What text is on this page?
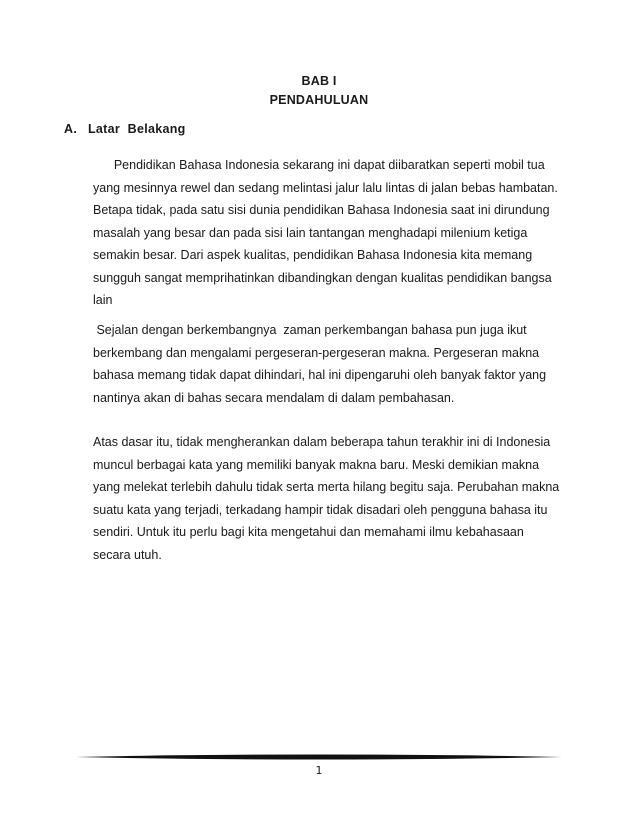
BAB I
PENDAHULUAN
A. Latar  Belakang
Pendidikan Bahasa Indonesia sekarang ini dapat diibaratkan seperti mobil tua
yang mesinnya rewel dan sedang melintasi jalur lalu lintas di jalan bebas hambatan.
Betapa tidak, pada satu sisi dunia pendidikan Bahasa Indonesia saat ini dirundung
masalah yang besar dan pada sisi lain tantangan menghadapi milenium ketiga
semakin besar. Dari aspek kualitas, pendidikan Bahasa Indonesia kita memang
sungguh sangat memprihatinkan dibandingkan dengan kualitas pendidikan bangsa
lain
Sejalan dengan berkembangnya  zaman perkembangan bahasa pun juga ikut
berkembang dan mengalami pergeseran-pergeseran makna. Pergeseran makna
bahasa memang tidak dapat dihindari, hal ini dipengaruhi oleh banyak faktor yang
nantinya akan di bahas secara mendalam di dalam pembahasan.
Atas dasar itu, tidak mengherankan dalam beberapa tahun terakhir ini di Indonesia
muncul berbagai kata yang memiliki banyak makna baru. Meski demikian makna
yang melekat terlebih dahulu tidak serta merta hilang begitu saja. Perubahan makna
suatu kata yang terjadi, terkadang hampir tidak disadari oleh pengguna bahasa itu
sendiri. Untuk itu perlu bagi kita mengetahui dan memahami ilmu kebahasaan
secara utuh.
1
